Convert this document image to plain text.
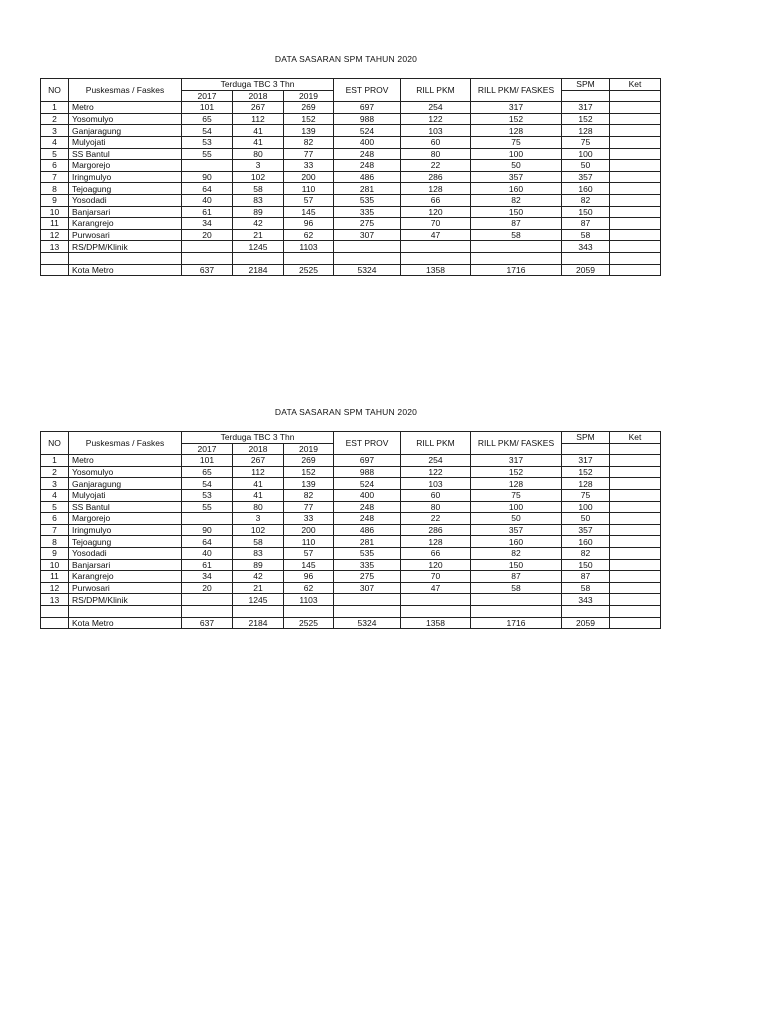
DATA SASARAN SPM TAHUN 2020
NO	Puskesmas / Faskes	Terduga TBC 3 Thn			EST PROV	RILL PKM	RILL PKM/ FASKES	SPM	Ket
		2017	2018	2019					
1	Metro	101	267	269	697	254	317	317	
2	Yosomulyo	65	112	152	988	122	152	152	
3	Ganjaragung	54	41	139	524	103	128	128	
4	Mulyojati	53	41	82	400	60	75	75	
5	SS Bantul	55	80	77	248	80	100	100	
6	Margorejo		3	33	248	22	50	50	
7	Iringmulyo	90	102	200	486	286	357	357	
8	Tejoagung	64	58	110	281	128	160	160	
9	Yosodadi	40	83	57	535	66	82	82	
10	Banjarsari	61	89	145	335	120	150	150	
11	Karangrejo	34	42	96	275	70	87	87	
12	Purwosari	20	21	62	307	47	58	58	
13	RS/DPM/Klinik		1245	1103				343	

	Kota Metro	637	2184	2525	5324	1358	1716	2059	
DATA SASARAN SPM TAHUN 2020
NO	Puskesmas / Faskes	Terduga TBC 3 Thn			EST PROV	RILL PKM	RILL PKM/ FASKES	SPM	Ket
		2017	2018	2019					
1	Metro	101	267	269	697	254	317	317	
2	Yosomulyo	65	112	152	988	122	152	152	
3	Ganjaragung	54	41	139	524	103	128	128	
4	Mulyojati	53	41	82	400	60	75	75	
5	SS Bantul	55	80	77	248	80	100	100	
6	Margorejo		3	33	248	22	50	50	
7	Iringmulyo	90	102	200	486	286	357	357	
8	Tejoagung	64	58	110	281	128	160	160	
9	Yosodadi	40	83	57	535	66	82	82	
10	Banjarsari	61	89	145	335	120	150	150	
11	Karangrejo	34	42	96	275	70	87	87	
12	Purwosari	20	21	62	307	47	58	58	
13	RS/DPM/Klinik		1245	1103				343	

	Kota Metro	637	2184	2525	5324	1358	1716	2059	
